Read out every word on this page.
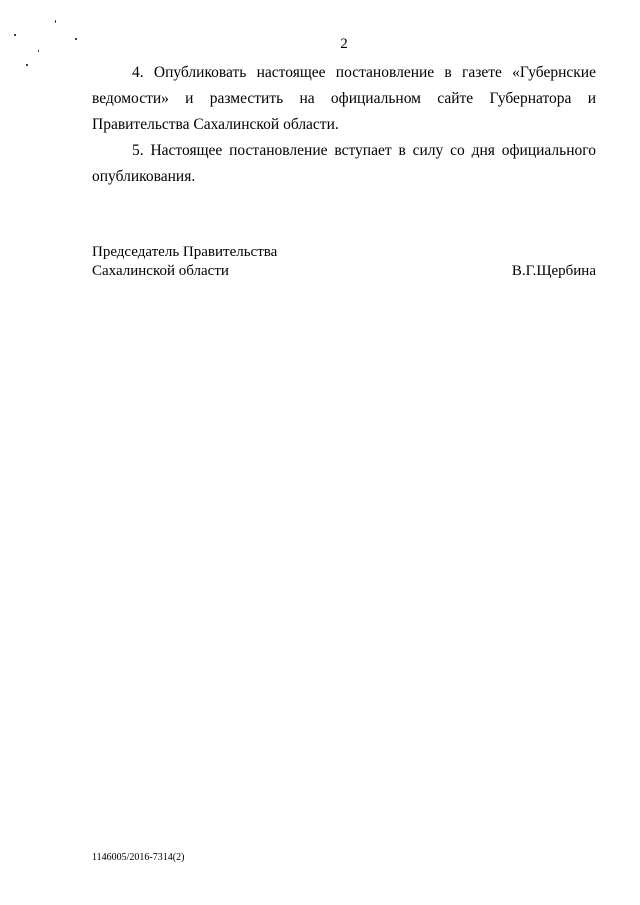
2

4. Опубликовать настоящее постановление в газете «Губернские ведомости» и разместить на официальном сайте Губернатора и Правительства Сахалинской области.

5. Настоящее постановление вступает в силу со дня официального опубликования.

Председатель Правительства
Сахалинской области	В.Г.Щербина
1146005/2016-7314(2)
